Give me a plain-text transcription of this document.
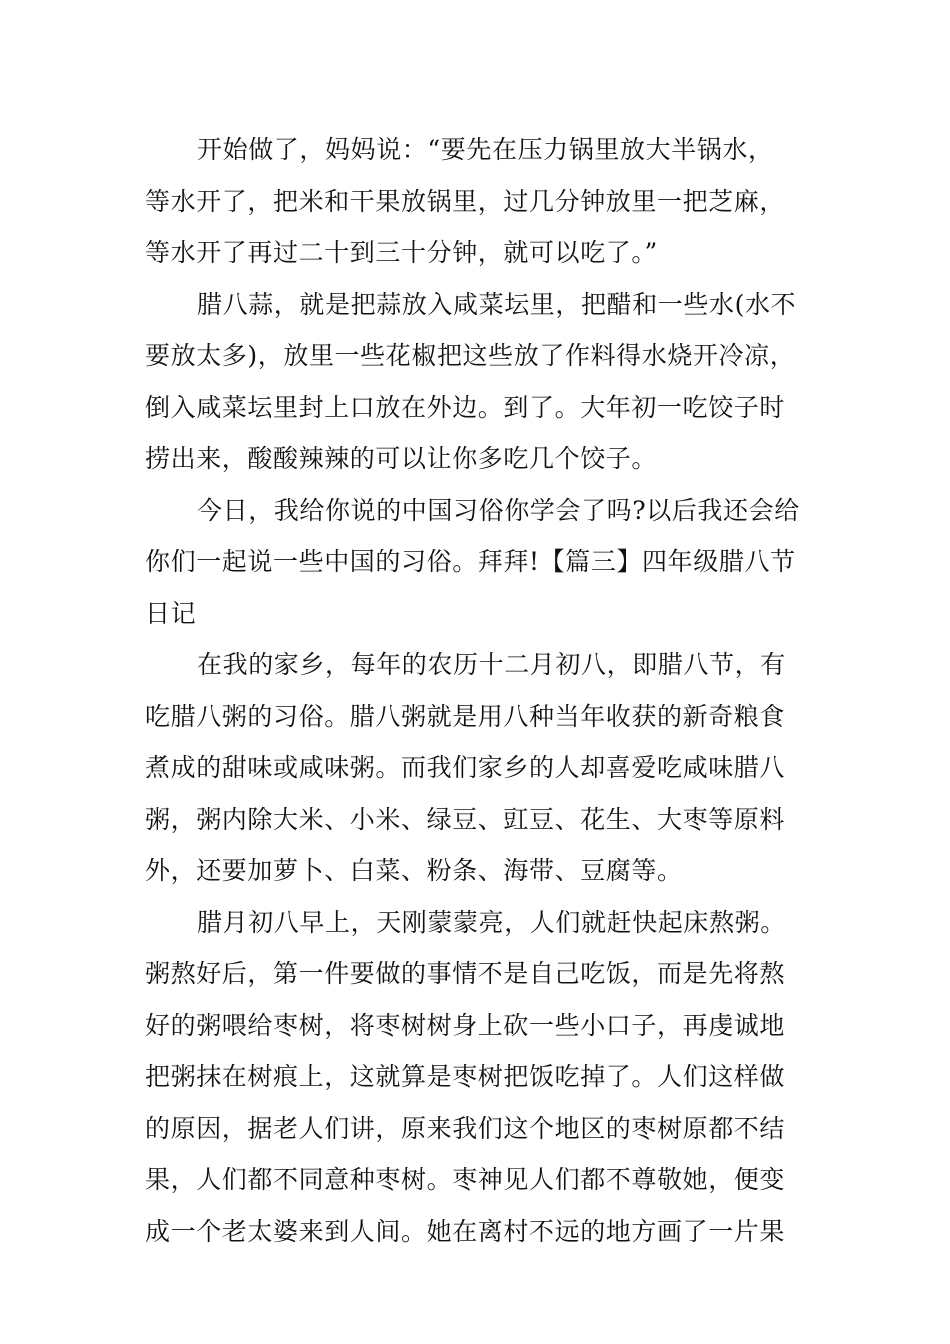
开始做了，妈妈说：“要先在压力锅里放大半锅水，
等水开了，把米和干果放锅里，过几分钟放里一把芝麻，
等水开了再过二十到三十分钟，就可以吃了。”
腊八蒜，就是把蒜放入咸菜坛里，把醋和一些水(水不
要放太多)，放里一些花椒把这些放了作料得水烧开冷凉，
倒入咸菜坛里封上口放在外边。到了。大年初一吃饺子时
捞出来，酸酸辣辣的可以让你多吃几个饺子。
今日，我给你说的中国习俗你学会了吗?以后我还会给
你们一起说一些中国的习俗。拜拜!【篇三】四年级腊八节
日记
在我的家乡，每年的农历十二月初八，即腊八节，有
吃腊八粥的习俗。腊八粥就是用八种当年收获的新奇粮食
煮成的甜味或咸味粥。而我们家乡的人却喜爱吃咸味腊八
粥，粥内除大米、小米、绿豆、豇豆、花生、大枣等原料
外，还要加萝卜、白菜、粉条、海带、豆腐等。
腊月初八早上，天刚蒙蒙亮，人们就赶快起床熬粥。
粥熬好后，第一件要做的事情不是自己吃饭，而是先将熬
好的粥喂给枣树，将枣树树身上砍一些小口子，再虔诚地
把粥抹在树痕上，这就算是枣树把饭吃掉了。人们这样做
的原因，据老人们讲，原来我们这个地区的枣树原都不结
果，人们都不同意种枣树。枣神见人们都不尊敬她，便变
成一个老太婆来到人间。她在离村不远的地方画了一片果
